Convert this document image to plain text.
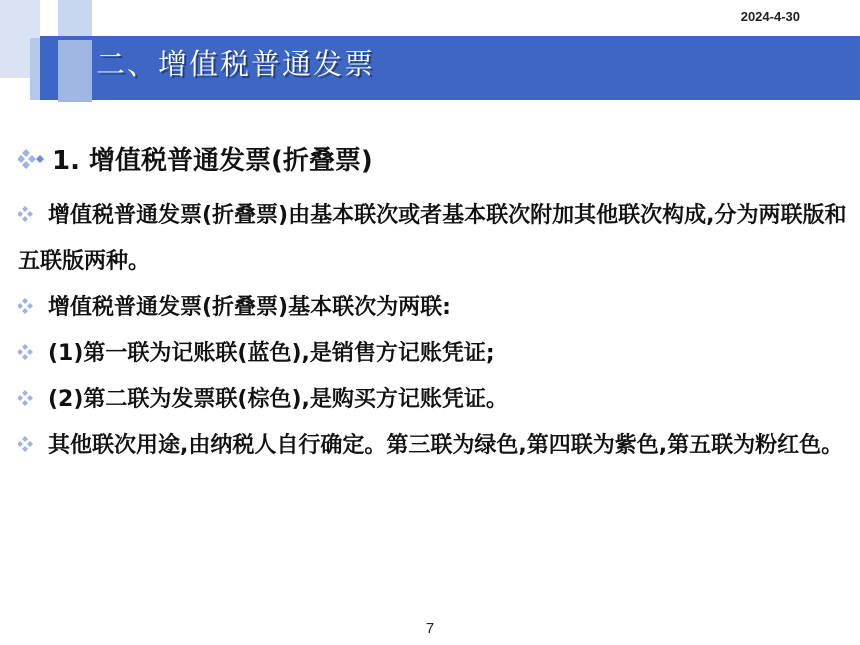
二、增值税普通发票
2024-4-30
1. 增值税普通发票(折叠票)
增值税普通发票(折叠票)由基本联次或者基本联次附加其他联次构成,分为两联版和五联版两种。
增值税普通发票(折叠票)基本联次为两联:
(1)第一联为记账联(蓝色),是销售方记账凭证;
(2)第二联为发票联(棕色),是购买方记账凭证。
其他联次用途,由纳税人自行确定。第三联为绿色,第四联为紫色,第五联为粉红色。
7
